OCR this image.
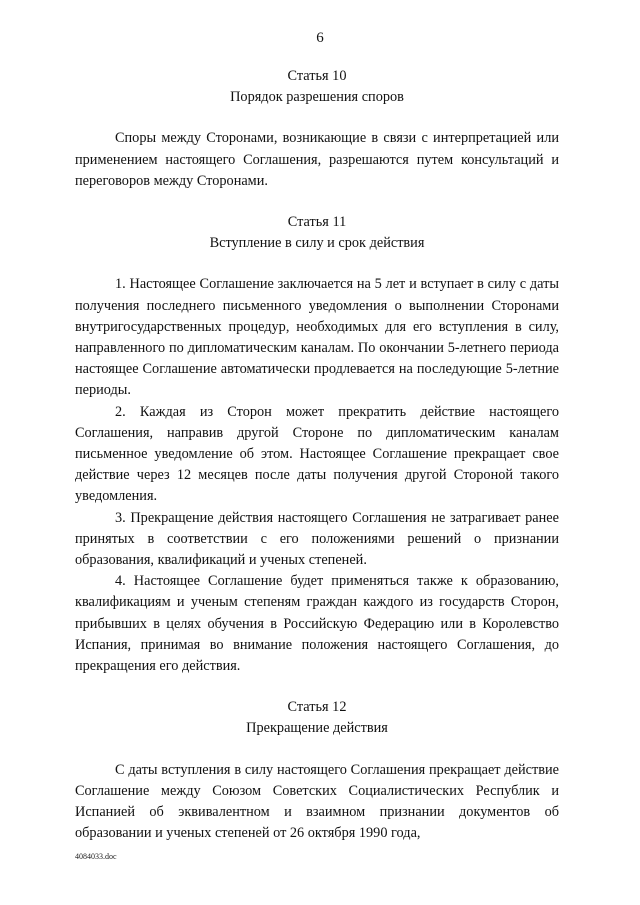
6
Статья 10
Порядок разрешения споров

Споры между Сторонами, возникающие в связи с интерпретацией или применением настоящего Соглашения, разрешаются путем консультаций и переговоров между Сторонами.

Статья 11
Вступление в силу и срок действия

1. Настоящее Соглашение заключается на 5 лет и вступает в силу с даты получения последнего письменного уведомления о выполнении Сторонами внутригосударственных процедур, необходимых для его вступления в силу, направленного по дипломатическим каналам. По окончании 5-летнего периода настоящее Соглашение автоматически продлевается на последующие 5-летние периоды.

2. Каждая из Сторон может прекратить действие настоящего Соглашения, направив другой Стороне по дипломатическим каналам письменное уведомление об этом. Настоящее Соглашение прекращает свое действие через 12 месяцев после даты получения другой Стороной такого уведомления.

3. Прекращение действия настоящего Соглашения не затрагивает ранее принятых в соответствии с его положениями решений о признании образования, квалификаций и ученых степеней.

4. Настоящее Соглашение будет применяться также к образованию, квалификациям и ученым степеням граждан каждого из государств Сторон, прибывших в целях обучения в Российскую Федерацию или в Королевство Испания, принимая во внимание положения настоящего Соглашения, до прекращения его действия.

Статья 12
Прекращение действия

С даты вступления в силу настоящего Соглашения прекращает действие Соглашение между Союзом Советских Социалистических Республик и Испанией об эквивалентном и взаимном признании документов об образовании и ученых степеней от 26 октября 1990 года,

4084033.doc
